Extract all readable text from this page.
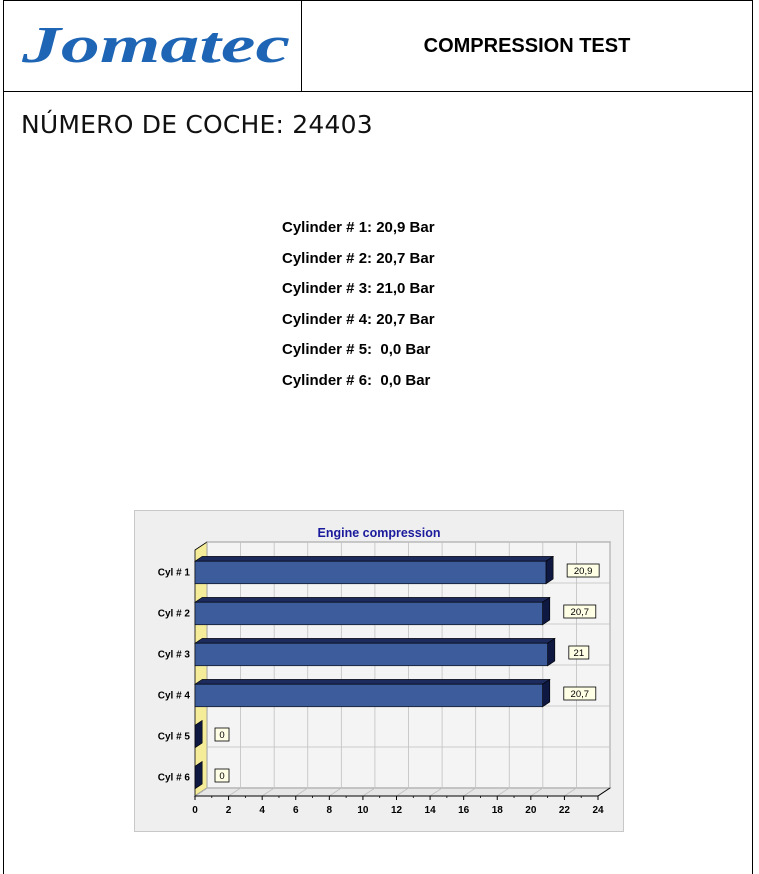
Jomatec	COMPRESSION TEST
NÚMERO DE COCHE: 24403
Cylinder # 1: 20,9 Bar
Cylinder # 2: 20,7 Bar
Cylinder # 3: 21,0 Bar
Cylinder # 4: 20,7 Bar
Cylinder # 5:  0,0 Bar
Cylinder # 6:  0,0 Bar
Engine compression
Cyl # 1	20,9
Cyl # 2	20,7
Cyl # 3	21
Cyl # 4	20,7
Cyl # 5	0
Cyl # 6	0
0	2	4	6	8	10 12 14 16 18 20 22 24
